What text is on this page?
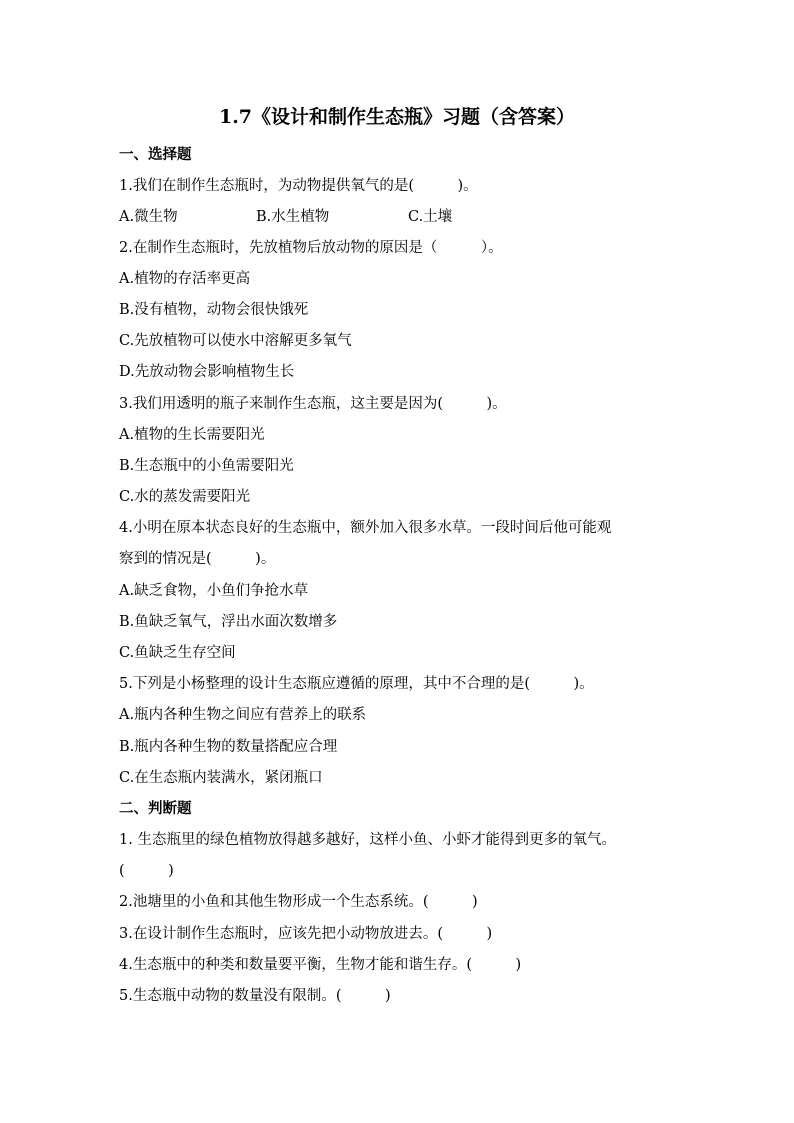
1.7《设计和制作生态瓶》习题（含答案）
一、选择题
1.我们在制作生态瓶时，为动物提供氧气的是(　　　)。
A.微生物	B.水生植物	C.土壤
2.在制作生态瓶时，先放植物后放动物的原因是（　　　）。
A.植物的存活率更高
B.没有植物，动物会很快饿死
C.先放植物可以使水中溶解更多氧气
D.先放动物会影响植物生长
3.我们用透明的瓶子来制作生态瓶，这主要是因为(　　　)。
A.植物的生长需要阳光
B.生态瓶中的小鱼需要阳光
C.水的蒸发需要阳光
4.小明在原本状态良好的生态瓶中，额外加入很多水草。一段时间后他可能观
察到的情况是(　　　)。
A.缺乏食物，小鱼们争抢水草
B.鱼缺乏氧气，浮出水面次数增多
C.鱼缺乏生存空间
5.下列是小杨整理的设计生态瓶应遵循的原理，其中不合理的是(　　　)。
A.瓶内各种生物之间应有营养上的联系
B.瓶内各种生物的数量搭配应合理
C.在生态瓶内装满水，紧闭瓶口
二、判断题
1. 生态瓶里的绿色植物放得越多越好，这样小鱼、小虾才能得到更多的氧气。
(　　　)
2.池塘里的小鱼和其他生物形成一个生态系统。(　　　)
3.在设计制作生态瓶时，应该先把小动物放进去。(　　　)
4.生态瓶中的种类和数量要平衡，生物才能和谐生存。(　　　)
5.生态瓶中动物的数量没有限制。(　　　)
